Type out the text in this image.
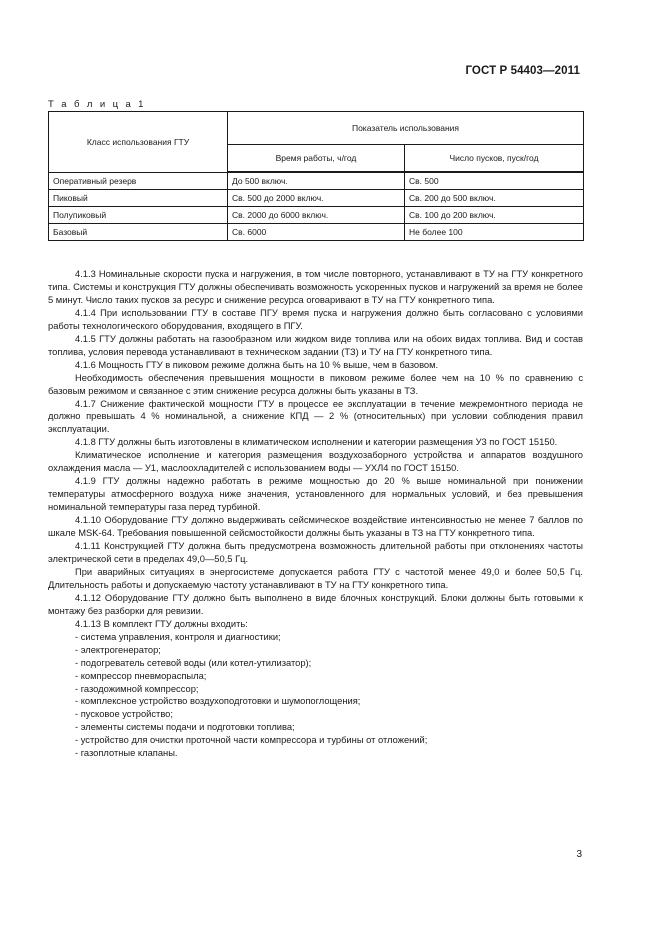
ГОСТ Р 54403—2011
Т а б л и ц а 1
Класс использования ГТУ	Показатель использования	
	Время работы, ч/год	Число пусков, пуск/год
Оперативный резерв	До 500 включ.	Св. 500
Пиковый	Св. 500 до 2000 включ.	Св. 200 до 500 включ.
Полупиковый	Св. 2000 до 6000 включ.	Св. 100 до 200 включ.
Базовый	Св. 6000	Не более 100

4.1.3 Номинальные скорости пуска и нагружения, в том числе повторного, устанавливают в ТУ на ГТУ конкретного типа. Системы и конструкция ГТУ должны обеспечивать возможность ускоренных пусков и нагружений за время не более 5 минут. Число таких пусков за ресурс и снижение ресурса оговаривают в ТУ на ГТУ конкретного типа.

4.1.4 При использовании ГТУ в составе ПГУ время пуска и нагружения должно быть согласовано с условиями работы технологического оборудования, входящего в ПГУ.

4.1.5 ГТУ должны работать на газообразном или жидком виде топлива или на обоих видах топлива. Вид и состав топлива, условия перевода устанавливают в техническом задании (ТЗ) и ТУ на ГТУ конкретного типа.

4.1.6 Мощность ГТУ в пиковом режиме должна быть на 10 % выше, чем в базовом.

Необходимость обеспечения превышения мощности в пиковом режиме более чем на 10 % по сравнению с базовым режимом и связанное с этим снижение ресурса должны быть указаны в ТЗ.

4.1.7 Снижение фактической мощности ГТУ в процессе ее эксплуатации в течение межремонтного периода не должно превышать 4 % номинальной, а снижение КПД — 2 % (относительных) при условии соблюдения правил эксплуатации.

4.1.8 ГТУ должны быть изготовлены в климатическом исполнении и категории размещения У3 по ГОСТ 15150.

Климатическое исполнение и категория размещения воздухозаборного устройства и аппаратов воздушного охлаждения масла — У1, маслоохладителей с использованием воды — УХЛ4 по ГОСТ 15150.

4.1.9 ГТУ должны надежно работать в режиме мощностью до 20 % выше номинальной при понижении температуры атмосферного воздуха ниже значения, установленного для нормальных условий, и без превышения номинальной температуры газа перед турбиной.

4.1.10 Оборудование ГТУ должно выдерживать сейсмическое воздействие интенсивностью не менее 7 баллов по шкале MSK-64. Требования повышенной сейсмостойкости должны быть указаны в ТЗ на ГТУ конкретного типа.

4.1.11 Конструкцией ГТУ должна быть предусмотрена возможность длительной работы при отклонениях частоты электрической сети в пределах 49,0—50,5 Гц.

При аварийных ситуациях в энергосистеме допускается работа ГТУ с частотой менее 49,0 и более 50,5 Гц. Длительность работы и допускаемую частоту устанавливают в ТУ на ГТУ конкретного типа.

4.1.12 Оборудование ГТУ должно быть выполнено в виде блочных конструкций. Блоки должны быть готовыми к монтажу без разборки для ревизии.

4.1.13 В комплект ГТУ должны входить:

- система управления, контроля и диагностики;
- электрогенератор;
- подогреватель сетевой воды (или котел-утилизатор);
- компрессор пневмораспыла;
- газодожимной компрессор;
- комплексное устройство воздухоподготовки и шумопоглощения;
- пусковое устройство;
- элементы системы подачи и подготовки топлива;
- устройство для очистки проточной части компрессора и турбины от отложений;
- газоплотные клапаны.
3
